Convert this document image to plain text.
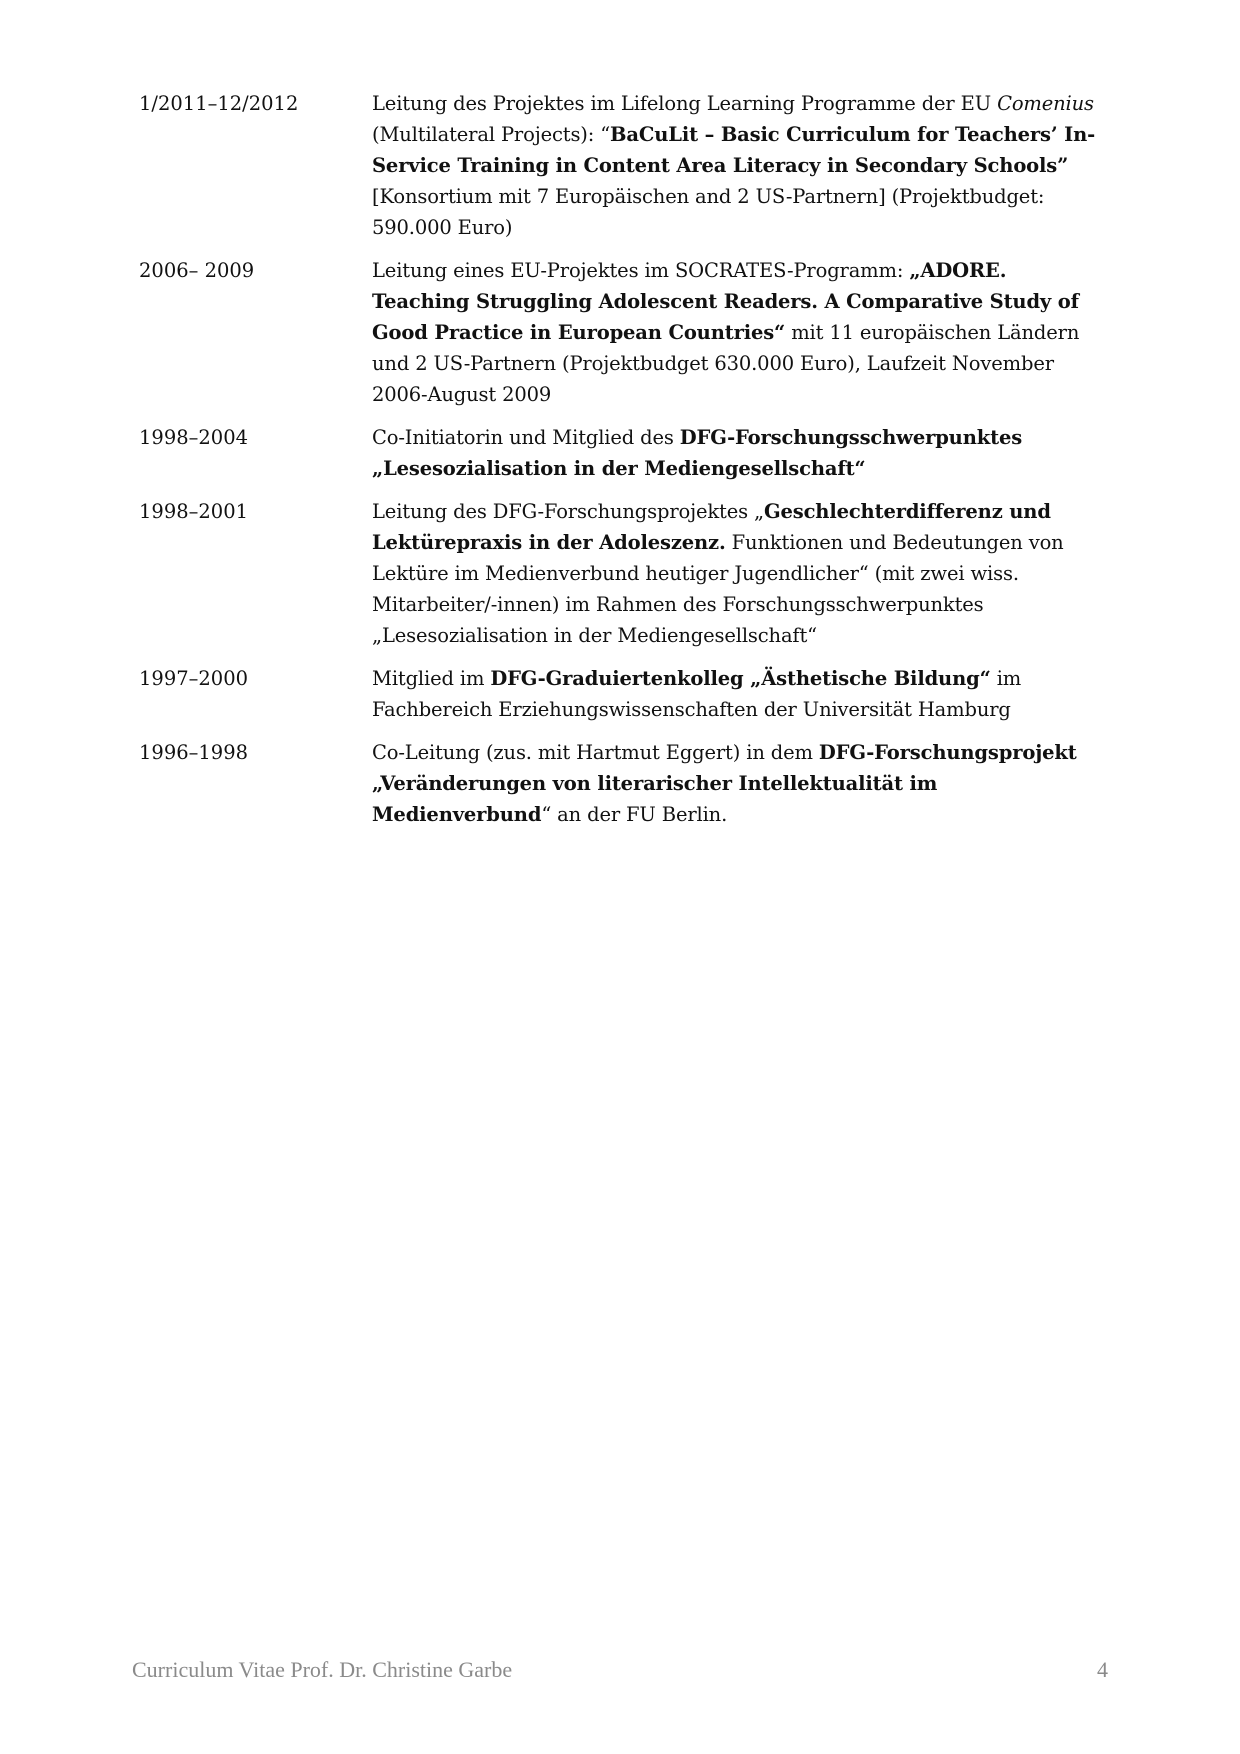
1/2011–12/2012	Leitung des Projektes im Lifelong Learning Programme der EU Comenius (Multilateral Projects): “BaCuLit – Basic Curriculum for Teachers’ In-Service Training in Content Area Literacy in Secondary Schools” [Konsortium mit 7 Europäischen and 2 US-Partnern] (Projektbudget: 590.000 Euro)
2006– 2009	Leitung eines EU-Projektes im SOCRATES-Programm: „ADORE. Teaching Struggling Adolescent Readers. A Comparative Study of Good Practice in European Countries“ mit 11 europäischen Ländern und 2 US-Partnern (Projektbudget 630.000 Euro), Laufzeit November 2006-August 2009
1998–2004	Co-Initiatorin und Mitglied des DFG-Forschungsschwerpunktes „Lesesozialisation in der Mediengesellschaft“
1998–2001	Leitung des DFG-Forschungsprojektes „Geschlechterdifferenz und Lektürepraxis in der Adoleszenz. Funktionen und Bedeutungen von Lektüre im Medienverbund heutiger Jugendlicher“ (mit zwei wiss. Mitarbeiter/-innen) im Rahmen des Forschungsschwerpunktes „Lesesozialisation in der Mediengesellschaft“
1997–2000	Mitglied im DFG-Graduiertenkolleg „Ästhetische Bildung“ im Fachbereich Erziehungswissenschaften der Universität Hamburg
1996–1998	Co-Leitung (zus. mit Hartmut Eggert) in dem DFG-Forschungsprojekt „Veränderungen von literarischer Intellektualität im Medienverbund“ an der FU Berlin.
Curriculum Vitae Prof. Dr. Christine Garbe	4
